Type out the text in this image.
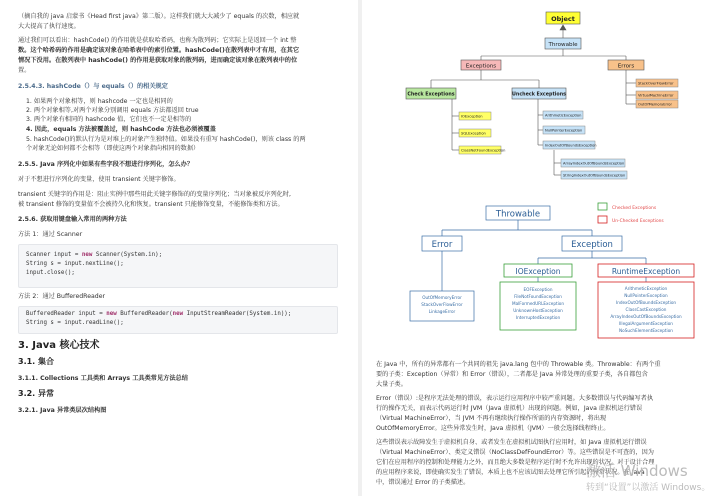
（摘自我的 java 启蒙书《Head first java》第二版）。这样我们就大大减少了 equals 的次数，相应就
大大提高了执行速度。
通过我们可以看出：hashCode() 的作用就是获取哈希码，也称为散列码；它实际上是返回一个 int 整
数。这个哈希码的作用是确定该对象在哈希表中的索引位置。hashCode()在散列表中才有用，在其它
情况下没用。在散列表中 hashCode() 的作用是获取对象的散列码，进而确定该对象在散列表中的位
置。
2.5.4.3. hashCode（）与 equals（）的相关规定
1. 如果两个对象相等，则 hashcode 一定也是相同的
2. 两个对象相等,对两个对象分别调用 equals 方法都返回 true
3. 两个对象有相同的 hashcode 值，它们也不一定是相等的
4. 因此，equals 方法被覆盖过，则 hashCode 方法也必须被覆盖
5. hashCode()的默认行为是对堆上的对象产生独特值。如果没有重写 hashCode()，则该 class 的两
个对象无论如何都不会相等（即使这两个对象指向相同的数据）
2.5.5. Java 序列化中如果有些字段不想进行序列化，怎么办？
对于不想进行序列化的变量，使用 transient 关键字修饰。
transient 关键字的作用是：阻止实例中那些用此关键字修饰的的变量序列化；当对象被反序列化时,
被 transient 修饰的变量值不会被持久化和恢复。transient 只能修饰变量，不能修饰类和方法。
2.5.6. 获取用键盘输入常用的两种方法
方法 1：通过 Scanner
Scanner input = new Scanner(System.in);
String s = input.nextLine();
input.close();
方法 2：通过 BufferedReader
BufferedReader input = new BufferedReader(new InputStreamReader(System.in));
String s = input.readLine();
3. Java 核心技术
3.1. 集合
3.1.1. Collections 工具类和 Arrays 工具类常见方法总结
3.2. 异常
3.2.1. Java 异常类层次结构图
Object
Throwable
Exceptions	Errors
Check Exceptions	Uncheck Exceptions
IOException
SQLException
ClassNotFoundException
ArithmeticException
NullPointerException
IndexOutOfBoundsException
ArrayIndexOutOfBoundsException
StringIndexOutOfBoundsException
StackOverFlowError
VirtualMachineError
OutOfMemoryError
Checked Exceptions
Un-Checked Exceptions
Throwable
Error	Exception
IOException	RuntimeException
OutOfMemoryError
StackOverFlowError
LinkageError
EOFException
FileNotFoundException
MalFormedURLException
UnknownHostException
InterruptedException
ArithmeticException
NullPointerException
IndexOutOfBoundsException
ClassCastException
ArrayIndexOutOfBoundsException
IllegalArgumentException
NoSuchElementException
在 Java 中，所有的异常都有一个共同的祖先 java.lang 包中的 Throwable 类。Throwable：有两个重
要的子类：Exception（异常）和 Error（错误），二者都是 Java 异常处理的重要子类，各自都包含
大量子类。
Error（错误）:是程序无法处理的错误，表示运行应用程序中较严重问题。大多数错误与代码编写者执
行的操作无关，而表示代码运行时 JVM（Java 虚拟机）出现的问题。例如，Java 虚拟机运行错误
（Virtual MachineError），当 JVM 不再有继续执行操作所需的内存资源时，将出现
OutOfMemoryError。这些异常发生时，Java 虚拟机（JVM）一般会选择线程终止。
这些错误表示故障发生于虚拟机自身、或者发生在虚拟机试图执行应用时，如 Java 虚拟机运行错误
（Virtual MachineError）、类定义错误（NoClassDefFoundError）等。这些错误是不可查的，因为
它们在应用程序的控制和处理能力之外，而且绝大多数是程序运行时不允许出现的状况。对于设计合理
的应用程序来说，即使确实发生了错误，本质上也不应该试图去处理它所引起的异常状况。在 Java
中，错误通过 Error 的子类描述。
激活 Windows
转到“设置”以激活 Windows。
